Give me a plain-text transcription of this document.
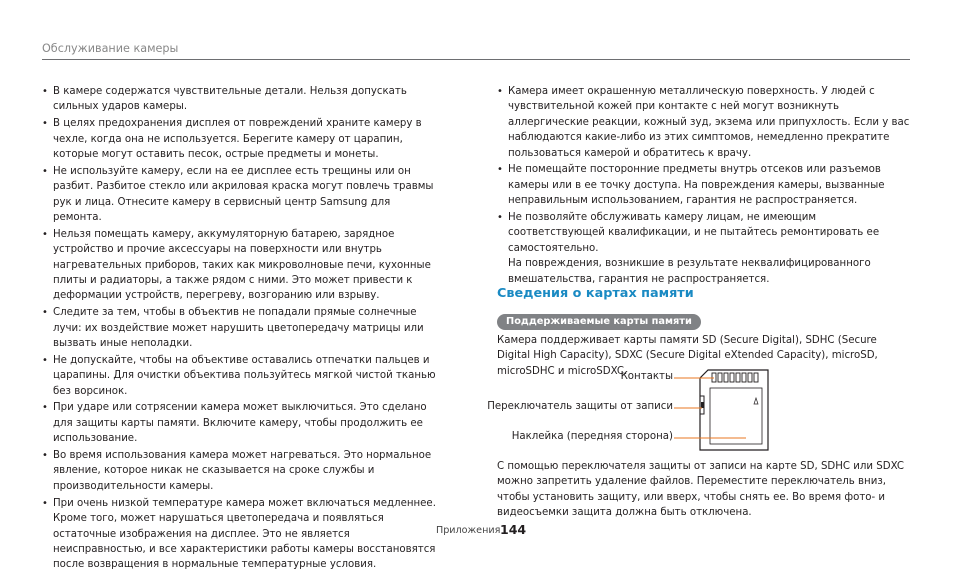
Обслуживание камеры
• В камере содержатся чувствительные детали. Нельзя допускать сильных ударов камеры.
• В целях предохранения дисплея от повреждений храните камеру в чехле, когда она не используется. Берегите камеру от царапин, которые могут оставить песок, острые предметы и монеты.
• Не используйте камеру, если на ее дисплее есть трещины или он разбит. Разбитое стекло или акриловая краска могут повлечь травмы рук и лица. Отнесите камеру в сервисный центр Samsung для ремонта.
• Нельзя помещать камеру, аккумуляторную батарею, зарядное устройство и прочие аксессуары на поверхности или внутрь нагревательных приборов, таких как микроволновые печи, кухонные плиты и радиаторы, а также рядом с ними. Это может привести к деформации устройств, перегреву, возгоранию или взрыву.
• Следите за тем, чтобы в объектив не попадали прямые солнечные лучи: их воздействие может нарушить цветопередачу матрицы или вызвать иные неполадки.
• Не допускайте, чтобы на объективе оставались отпечатки пальцев и царапины. Для очистки объектива пользуйтесь мягкой чистой тканью без ворсинок.
• При ударе или сотрясении камера может выключиться. Это сделано для защиты карты памяти. Включите камеру, чтобы продолжить ее использование.
• Во время использования камера может нагреваться. Это нормальное явление, которое никак не сказывается на сроке службы и производительности камеры.
• При очень низкой температуре камера может включаться медленнее. Кроме того, может нарушаться цветопередача и появляться остаточные изображения на дисплее. Это не является неисправностью, и все характеристики работы камеры восстановятся после возвращения в нормальные температурные условия.
• Камера имеет окрашенную металлическую поверхность. У людей с чувствительной кожей при контакте с ней могут возникнуть аллергические реакции, кожный зуд, экзема или припухлость. Если у вас наблюдаются какие-либо из этих симптомов, немедленно прекратите пользоваться камерой и обратитесь к врачу.
• Не помещайте посторонние предметы внутрь отсеков или разъемов камеры или в ее точку доступа. На повреждения камеры, вызванные неправильным использованием, гарантия не распространяется.
• Не позволяйте обслуживать камеру лицам, не имеющим соответствующей квалификации, и не пытайтесь ремонтировать ее самостоятельно.
На повреждения, возникшие в результате неквалифицированного вмешательства, гарантия не распространяется.
Сведения о картах памяти
Поддерживаемые карты памяти
Камера поддерживает карты памяти SD (Secure Digital), SDHC (Secure Digital High Capacity), SDXC (Secure Digital eXtended Capacity), microSD, microSDHC и microSDXC.
Контакты
Переключатель защиты от записи
Наклейка (передняя сторона)
С помощью переключателя защиты от записи на карте SD, SDHC или SDXC можно запретить удаление файлов. Переместите переключатель вниз, чтобы установить защиту, или вверх, чтобы снять ее. Во время фото- и видеосъемки защита должна быть отключена.
Приложения 144
